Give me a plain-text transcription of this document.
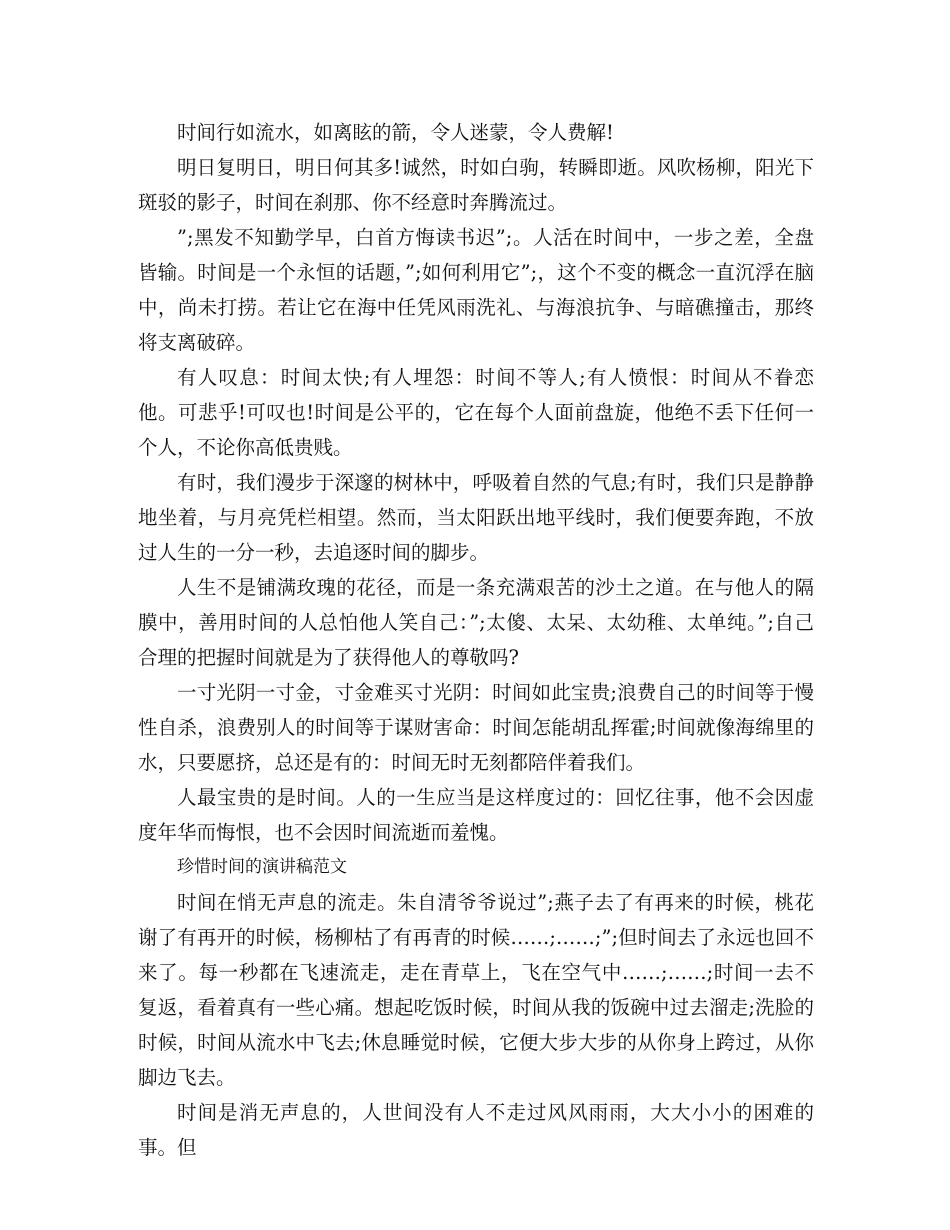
时间行如流水，如离眩的箭，令人迷蒙，令人费解!

明日复明日，明日何其多!诚然，时如白驹，转瞬即逝。风吹杨柳，阳光下斑驳的影子，时间在刹那、你不经意时奔腾流过。

”;黑发不知勤学早，白首方悔读书迟”;。人活在时间中，一步之差，全盘皆输。时间是一个永恒的话题，”;如何利用它”;，这个不变的概念一直沉浮在脑中，尚未打捞。若让它在海中任凭风雨洗礼、与海浪抗争、与暗礁撞击，那终将支离破碎。

有人叹息：时间太快;有人埋怨：时间不等人;有人愤恨：时间从不眷恋他。可悲乎!可叹也!时间是公平的，它在每个人面前盘旋，他绝不丢下任何一个人，不论你高低贵贱。

有时，我们漫步于深邃的树林中，呼吸着自然的气息;有时，我们只是静静地坐着，与月亮凭栏相望。然而，当太阳跃出地平线时，我们便要奔跑，不放过人生的一分一秒，去追逐时间的脚步。

人生不是铺满玫瑰的花径，而是一条充满艰苦的沙土之道。在与他人的隔膜中，善用时间的人总怕他人笑自己：”;太傻、太呆、太幼稚、太单纯。”;自己合理的把握时间就是为了获得他人的尊敬吗?

一寸光阴一寸金，寸金难买寸光阴：时间如此宝贵;浪费自己的时间等于慢性自杀，浪费别人的时间等于谋财害命：时间怎能胡乱挥霍;时间就像海绵里的水，只要愿挤，总还是有的：时间无时无刻都陪伴着我们。

人最宝贵的是时间。人的一生应当是这样度过的：回忆往事，他不会因虚度年华而悔恨，也不会因时间流逝而羞愧。

珍惜时间的演讲稿范文

时间在悄无声息的流走。朱自清爷爷说过”;燕子去了有再来的时候，桃花谢了有再开的时候，杨柳枯了有再青的时候……;……;”;但时间去了永远也回不来了。每一秒都在飞速流走，走在青草上，飞在空气中……;……;时间一去不复返，看着真有一些心痛。想起吃饭时候，时间从我的饭碗中过去溜走;洗脸的时候，时间从流水中飞去;休息睡觉时候，它便大步大步的从你身上跨过，从你脚边飞去。

时间是消无声息的，人世间没有人不走过风风雨雨，大大小小的困难的事。但
